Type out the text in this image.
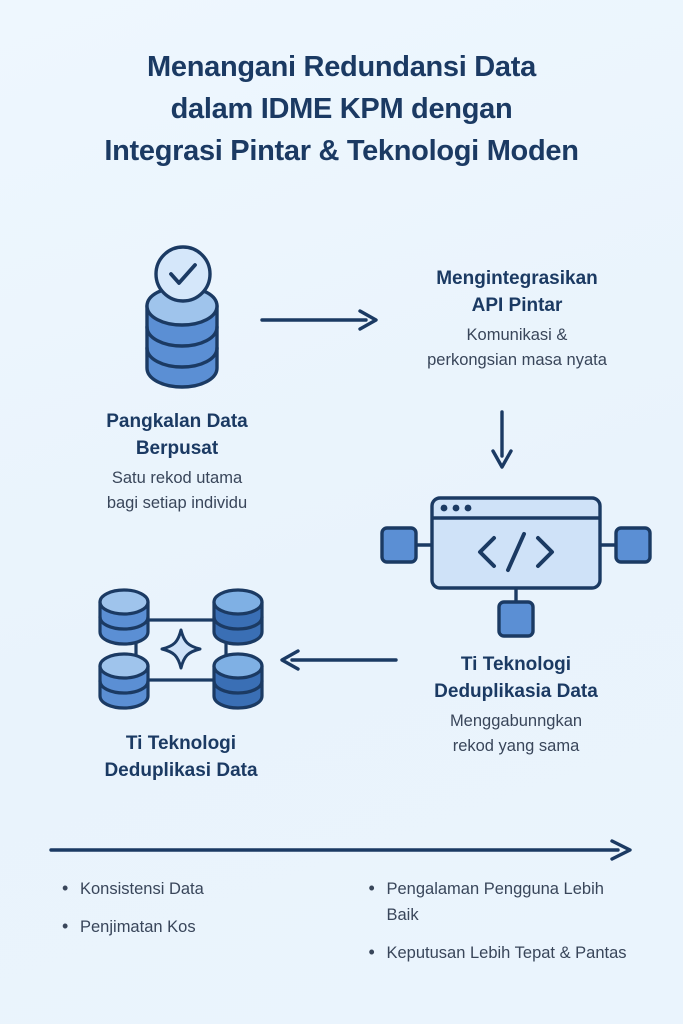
Menangani Redundansi Data
dalam IDME KPM dengan
Integrasi Pintar & Teknologi Moden
Pangkalan Data
Berpusat
Satu rekod utama
bagi setiap individu
Mengintegrasikan
API Pintar
Komunikasi &
perkongsian masa nyata
Ti Teknologi
Deduplikasia Data
Menggabunngkan
rekod yang sama
Ti Teknologi
Deduplikasi Data
• Konsistensi Data
• Penjimatan Kos
• Pengalaman Pengguna Lebih Baik
• Keputusan Lebih Tepat & Pantas
